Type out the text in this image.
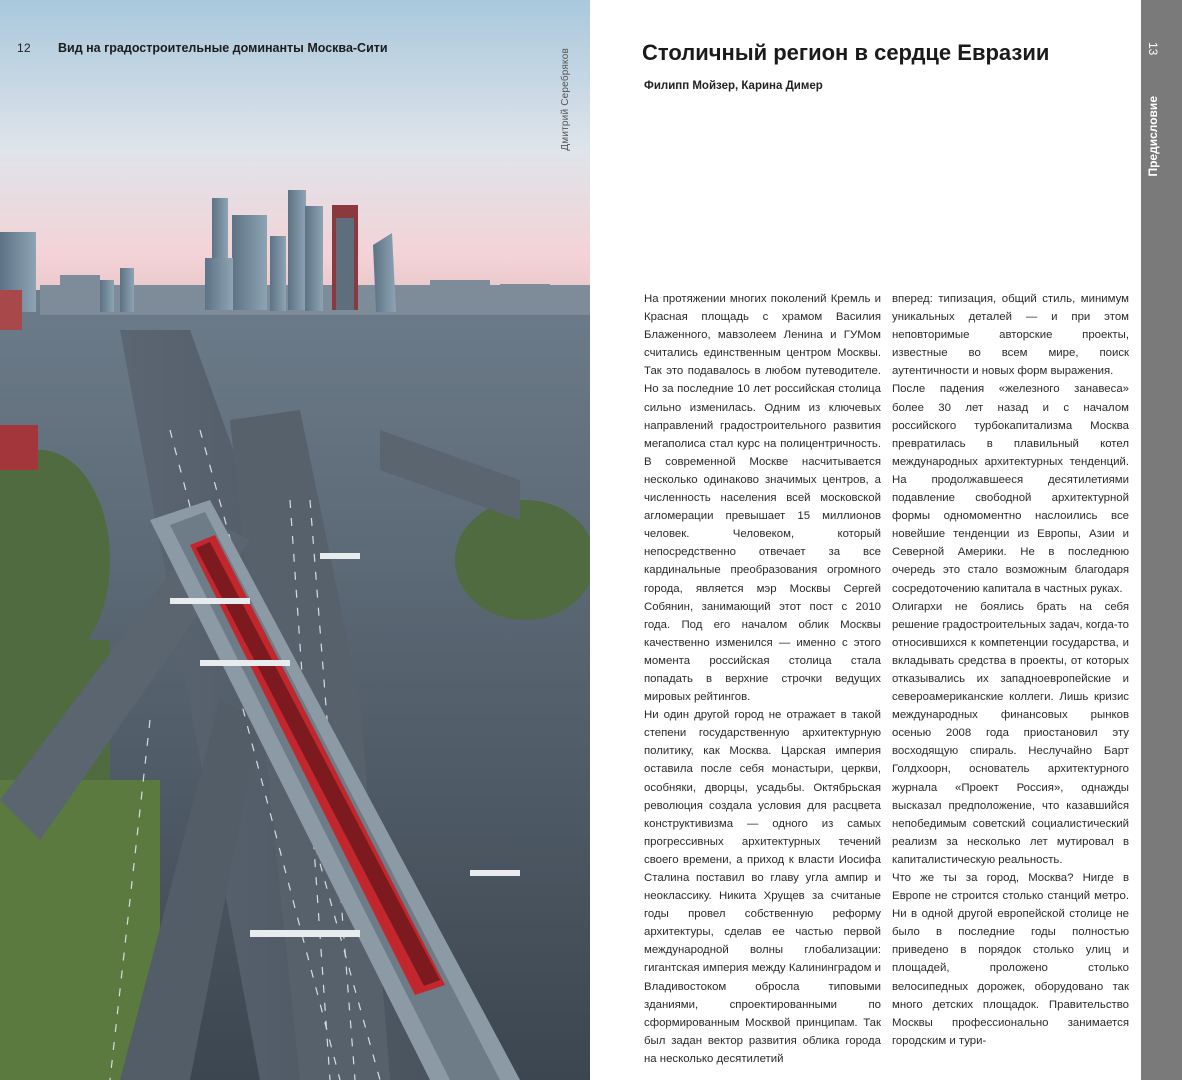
12 Вид на градостроительные доминанты Москва-Сити	Дмитрий Серебряков	Столичный регион в сердце Евразии
Филипп Мойзер, Карина Димер

На протяжении многих поколений Кремль и Красная площадь с храмом Василия Блаженного, мавзолеем Ленина и ГУМом считались единственным центром Москвы. Так это подавалось в любом путеводителе. Но за последние 10 лет российская столица сильно изменилась. Одним из ключевых направлений градостроительного развития мегаполиса стал курс на полицентричность. В современной Москве насчитывается несколько одинаково значимых центров, а численность населения всей московской агломерации превышает 15 миллионов человек. Человеком, который непосредственно отвечает за все кардинальные преобразования огромного города, является мэр Москвы Сергей Собянин, занимающий этот пост с 2010 года. Под его началом облик Москвы качественно изменился — именно с этого момента российская столица стала попадать в верхние строчки ведущих мировых рейтингов.

Ни один другой город не отражает в такой степени государственную архитектурную политику, как Москва. Царская империя оставила после себя монастыри, церкви, особняки, дворцы, усадьбы. Октябрьская революция создала условия для расцвета конструктивизма — одного из самых прогрессивных архитектурных течений своего времени, а приход к власти Иосифа Сталина поставил во главу угла ампир и неоклассику. Никита Хрущев за считаные годы провел собственную реформу архитектуры, сделав ее частью первой международной волны глобализации: гигантская империя между Калининградом и Владивостоком обросла типовыми зданиями, спроектированными по сформированным Москвой принципам. Так был задан вектор развития облика города на несколько десятилетий

вперед: типизация, общий стиль, минимум уникальных деталей — и при этом неповторимые авторские проекты, известные во всем мире, поиск аутентичности и новых форм выражения.

После падения «железного занавеса» более 30 лет назад и с началом российского турбокапитализма Москва превратилась в плавильный котел международных архитектурных тенденций. На продолжавшееся десятилетиями подавление свободной архитектурной формы одномоментно наслоились все новейшие тенденции из Европы, Азии и Северной Америки. Не в последнюю очередь это стало возможным благодаря сосредоточению капитала в частных руках.

Олигархи не боялись брать на себя решение градостроительных задач, когда-то относившихся к компетенции государства, и вкладывать средства в проекты, от которых отказывались их западноевропейские и североамериканские коллеги. Лишь кризис международных финансовых рынков осенью 2008 года приостановил эту восходящую спираль. Неслучайно Барт Голдхоорн, основатель архитектурного журнала «Проект Россия», однажды высказал предположение, что казавшийся непобедимым советский социалистический реализм за несколько лет мутировал в капиталистическую реальность.

Что же ты за город, Москва? Нигде в Европе не строится столько станций метро. Ни в одной другой европейской столице не было в последние годы полностью приведено в порядок столько улиц и площадей, проложено столько велосипедных дорожек, оборудовано так много детских площадок. Правительство Москвы профессионально занимается городским и тури-

13
Предисловие
